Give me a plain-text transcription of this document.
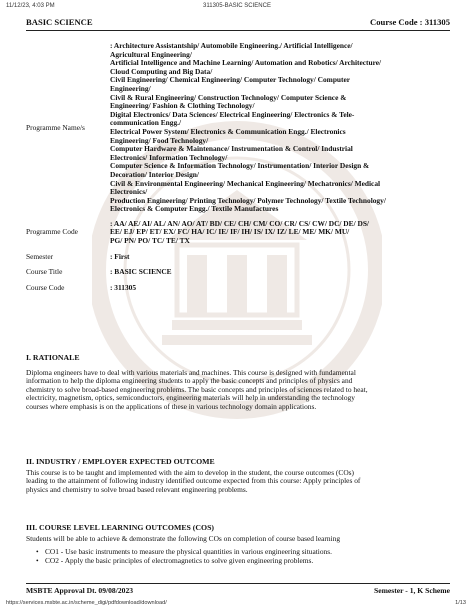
11/12/23, 4:03 PM	311305-BASIC SCIENCE
BASIC SCIENCE	Course Code : 311305
Programme Name/s
: Architecture Assistantship/ Automobile Engineering./ Artificial Intelligence/
Agricultural Engineering/
Artificial Intelligence and Machine Learning/ Automation and Robotics/ Architecture/
Cloud Computing and Big Data/
Civil Engineering/ Chemical Engineering/ Computer Technology/ Computer
Engineering/
Civil & Rural Engineering/ Construction Technology/ Computer Science &
Engineering/ Fashion & Clothing Technology/
Digital Electronics/ Data Sciences/ Electrical Engineering/ Electronics & Tele-
communication Engg./
Electrical Power System/ Electronics & Communication Engg./ Electronics
Engineering/ Food Technology/
Computer Hardware & Maintenance/ Instrumentation & Control/ Industrial
Electronics/ Information Technology/
Computer Science & Information Technology/ Instrumentation/ Interior Design &
Decoration/ Interior Design/
Civil & Environmental Engineering/ Mechanical Engineering/ Mechatronics/ Medical
Electronics/
Production Engineering/ Printing Technology/ Polymer Technology/ Textile Technology/
Electronics & Computer Engg./ Textile Manufactures
Programme Code
: AA/ AE/ AI/ AL/ AN/ AO/ AT/ BD/ CE/ CH/ CM/ CO/ CR/ CS/ CW/ DC/ DE/ DS/
EE/ EJ/ EP/ ET/ EX/ FC/ HA/ IC/ IE/ IF/ IH/ IS/ IX/ IZ/ LE/ ME/ MK/ MU/
PG/ PN/ PO/ TC/ TE/ TX
Semester	: First
Course Title	: BASIC SCIENCE
Course Code	: 311305
I. RATIONALE
Diploma engineers have to deal with various materials and machines. This course is designed with fundamental
information to help the diploma engineering students to apply the basic concepts and principles of physics and
chemistry to solve broad-based engineering problems. The basic concepts and principles of sciences related to heat,
electricity, magnetism, optics, semiconductors, engineering materials will help in understanding the technology
courses where emphasis is on the applications of these in various technology domain applications.
II. INDUSTRY / EMPLOYER EXPECTED OUTCOME
This course is to be taught and implemented with the aim to develop in the student, the course outcomes (COs)
leading to the attainment of following industry identified outcome expected from this course: Apply principles of
physics and chemistry to solve broad based relevant engineering problems.
III. COURSE LEVEL LEARNING OUTCOMES (COS)
Students will be able to achieve & demonstrate the following COs on completion of course based learning
• CO1 - Use basic instruments to measure the physical quantities in various engineering situations.
• CO2 - Apply the basic principles of electromagnetics to solve given engineering problems.
MSBTE Approval Dt. 09/08/2023	Semester - 1, K Scheme
https://services.msbte.ac.in/scheme_digi/pdfdownload/download/	1/13
